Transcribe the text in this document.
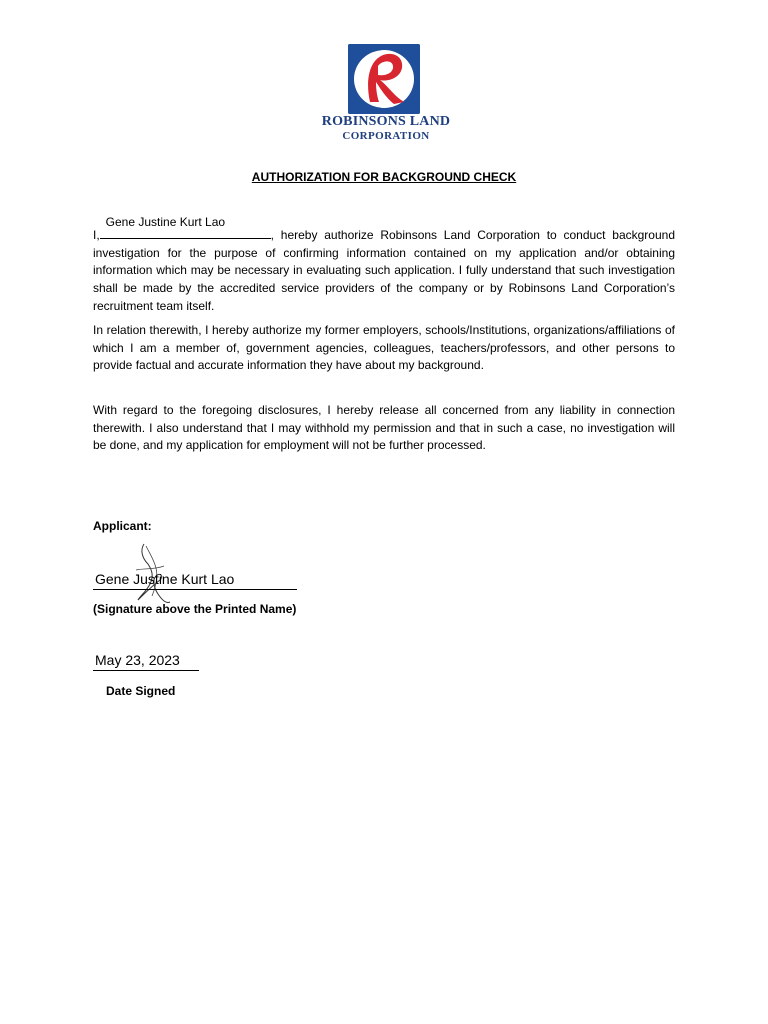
ROBINSONS LAND
CORPORATION
AUTHORIZATION FOR BACKGROUND CHECK
I,
Gene Justine Kurt Lao
, hereby authorize Robinsons Land Corporation to conduct background investigation for the purpose of confirming information contained on my application and/or obtaining information which may be necessary in evaluating such application. I fully understand that such investigation shall be made by the accredited service providers of the company or by Robinsons Land Corporation’s recruitment team itself.
In relation therewith, I hereby authorize my former employers, schools/Institutions, organizations/affiliations of which I am a member of, government agencies, colleagues, teachers/professors, and other persons to provide factual and accurate information they have about my background.
With regard to the foregoing disclosures, I hereby release all concerned from any liability in connection therewith. I also understand that I may withhold my permission and that in such a case, no investigation will be done, and my application for employment will not be further processed.
Applicant:
Gene Justine Kurt Lao
(Signature above the Printed Name)
May 23, 2023
Date Signed
